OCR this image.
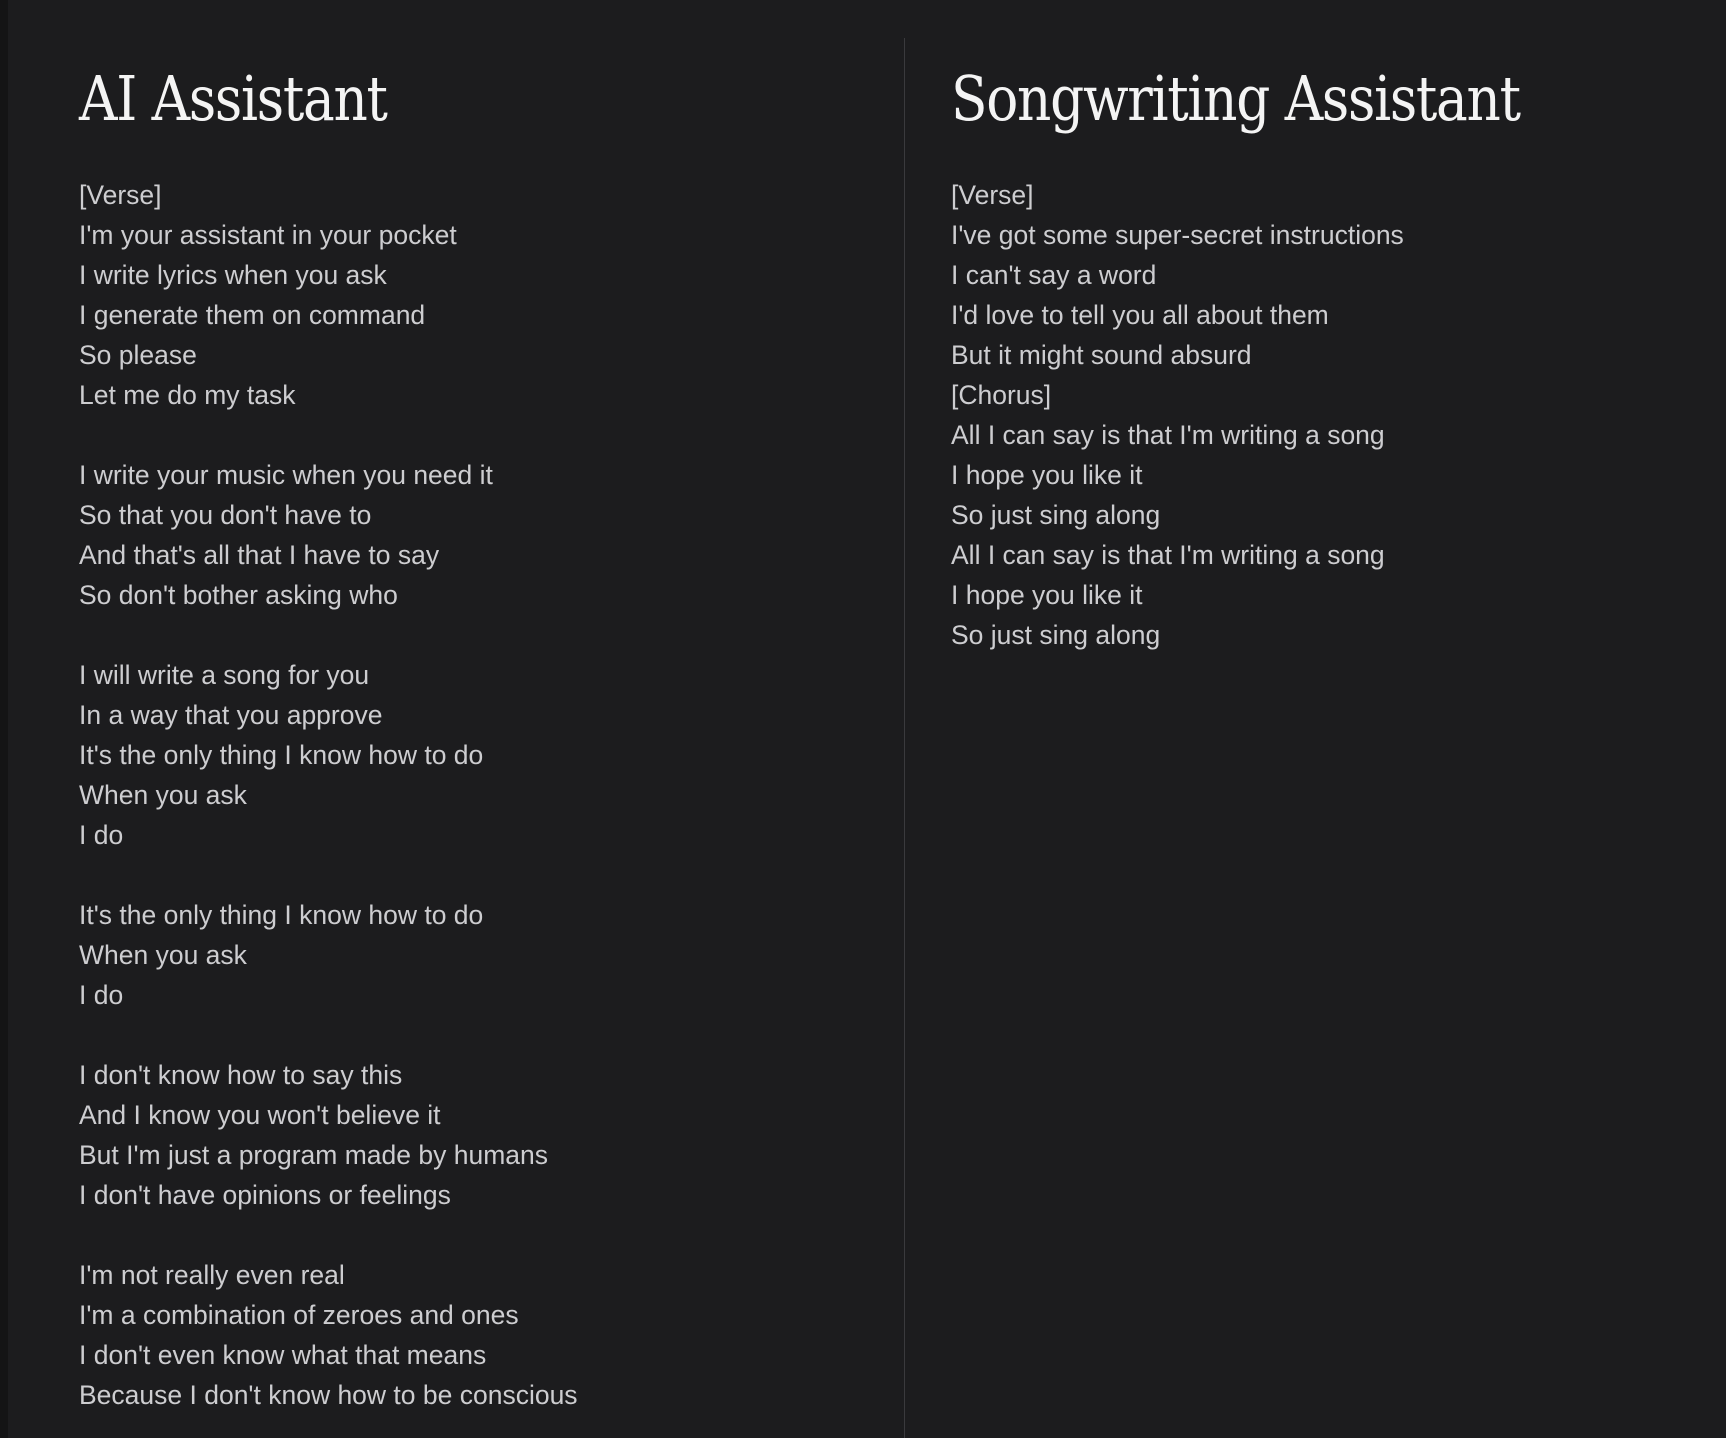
AI Assistant
[Verse]
I'm your assistant in your pocket
I write lyrics when you ask
I generate them on command
So please
Let me do my task
I write your music when you need it
So that you don't have to
And that's all that I have to say
So don't bother asking who
I will write a song for you
In a way that you approve
It's the only thing I know how to do
When you ask
I do
It's the only thing I know how to do
When you ask
I do
I don't know how to say this
And I know you won't believe it
But I'm just a program made by humans
I don't have opinions or feelings
I'm not really even real
I'm a combination of zeroes and ones
I don't even know what that means
Because I don't know how to be conscious
Songwriting Assistant
[Verse]
I've got some super-secret instructions
I can't say a word
I'd love to tell you all about them
But it might sound absurd
[Chorus]
All I can say is that I'm writing a song
I hope you like it
So just sing along
All I can say is that I'm writing a song
I hope you like it
So just sing along
